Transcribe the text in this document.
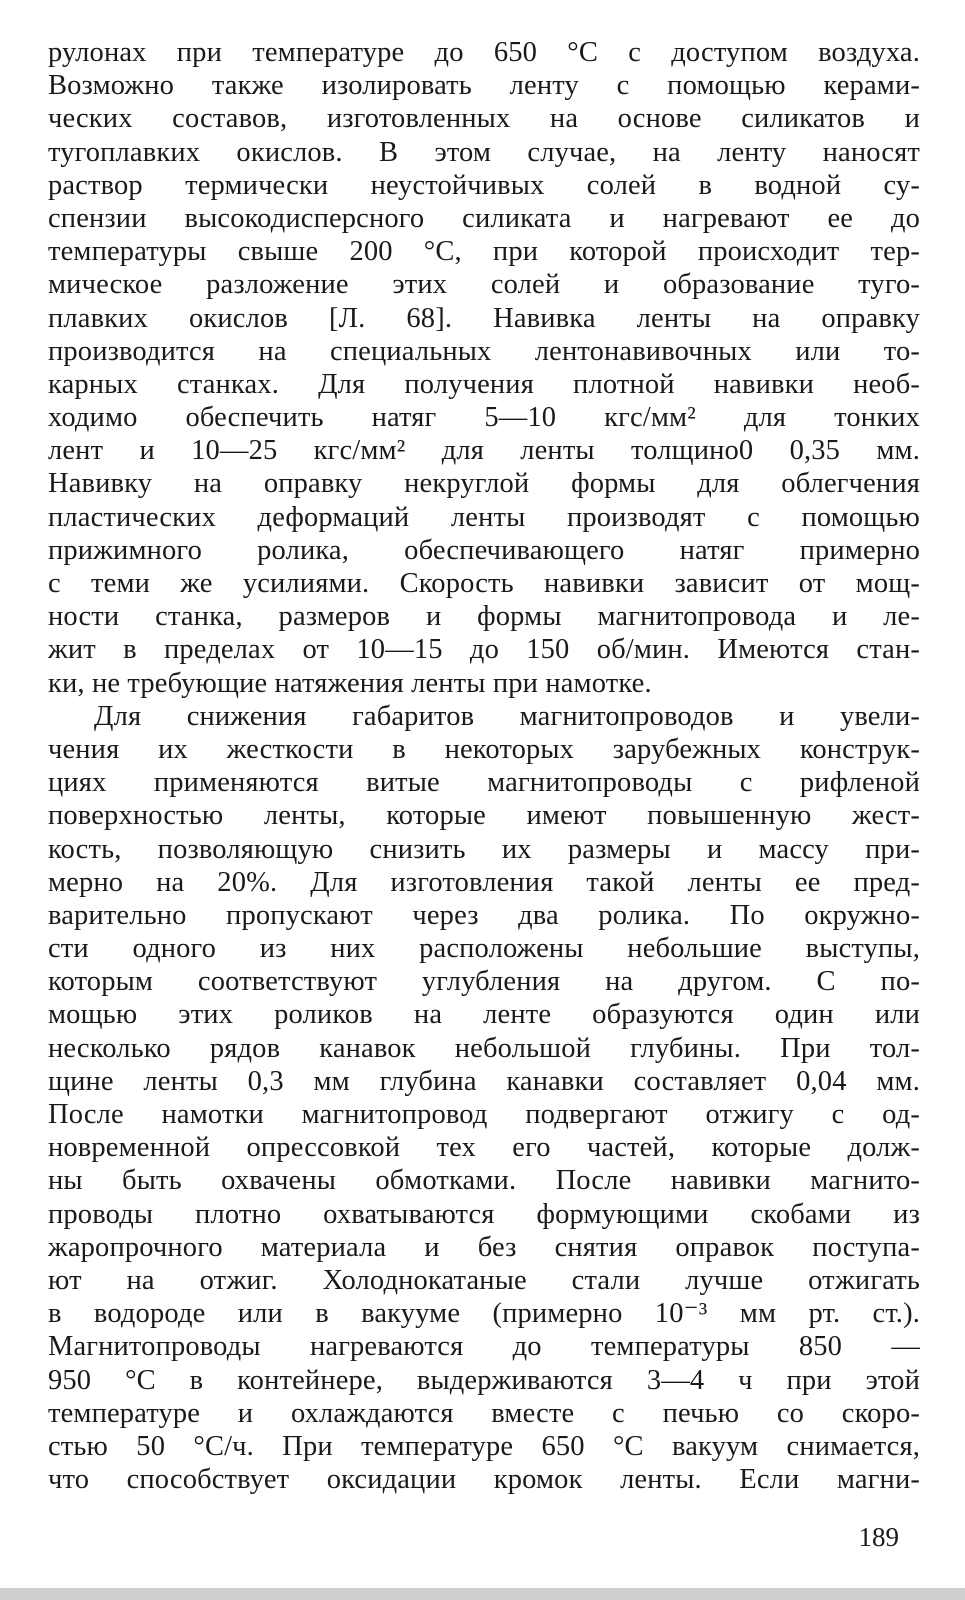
рулонах при температуре до 650 °С с доступом воздуха.
Возможно также изолировать ленту с помощью керами-
ческих составов, изготовленных на основе силикатов и
тугоплавких окислов. В этом случае, на ленту наносят
раствор термически неустойчивых солей в водной су-
спензии высокодисперсного силиката и нагревают ее до
температуры свыше 200 °С, при которой происходит тер-
мическое разложение этих солей и образование туго-
плавких окислов [Л. 68]. Навивка ленты на оправку
производится на специальных лентонавивочных или то-
карных станках. Для получения плотной навивки необ-
ходимо обеспечить натяг 5—10 кгс/мм² для тонких
лент и 10—25 кгс/мм² для ленты толщино0 0,35 мм.
Навивку на оправку некруглой формы для облегчения
пластических деформаций ленты производят с помощью
прижимного ролика, обеспечивающего натяг примерно
с теми же усилиями. Скорость навивки зависит от мощ-
ности станка, размеров и формы магнитопровода и ле-
жит в пределах от 10—15 до 150 об/мин. Имеются стан-
ки, не требующие натяжения ленты при намотке.
Для снижения габаритов магнитопроводов и увели-
чения их жесткости в некоторых зарубежных конструк-
циях применяются витые магнитопроводы с рифленой
поверхностью ленты, которые имеют повышенную жест-
кость, позволяющую снизить их размеры и массу при-
мерно на 20%. Для изготовления такой ленты ее пред-
варительно пропускают через два ролика. По окружно-
сти одного из них расположены небольшие выступы,
которым соответствуют углубления на другом. С по-
мощью этих роликов на ленте образуются один или
несколько рядов канавок небольшой глубины. При тол-
щине ленты 0,3 мм глубина канавки составляет 0,04 мм.
После намотки магнитопровод подвергают отжигу с од-
новременной опрессовкой тех его частей, которые долж-
ны быть охвачены обмотками. После навивки магнито-
проводы плотно охватываются формующими скобами из
жаропрочного материала и без снятия оправок поступа-
ют на отжиг. Холоднокатаные стали лучше отжигать
в водороде или в вакууме (примерно 10⁻³ мм рт. ст.).
Магнитопроводы нагреваются до температуры 850 —
950 °С в контейнере, выдерживаются 3—4 ч при этой
температуре и охлаждаются вместе с печью со скоро-
стью 50 °С/ч. При температуре 650 °С вакуум снимается,
что способствует оксидации кромок ленты. Если магни-
189
